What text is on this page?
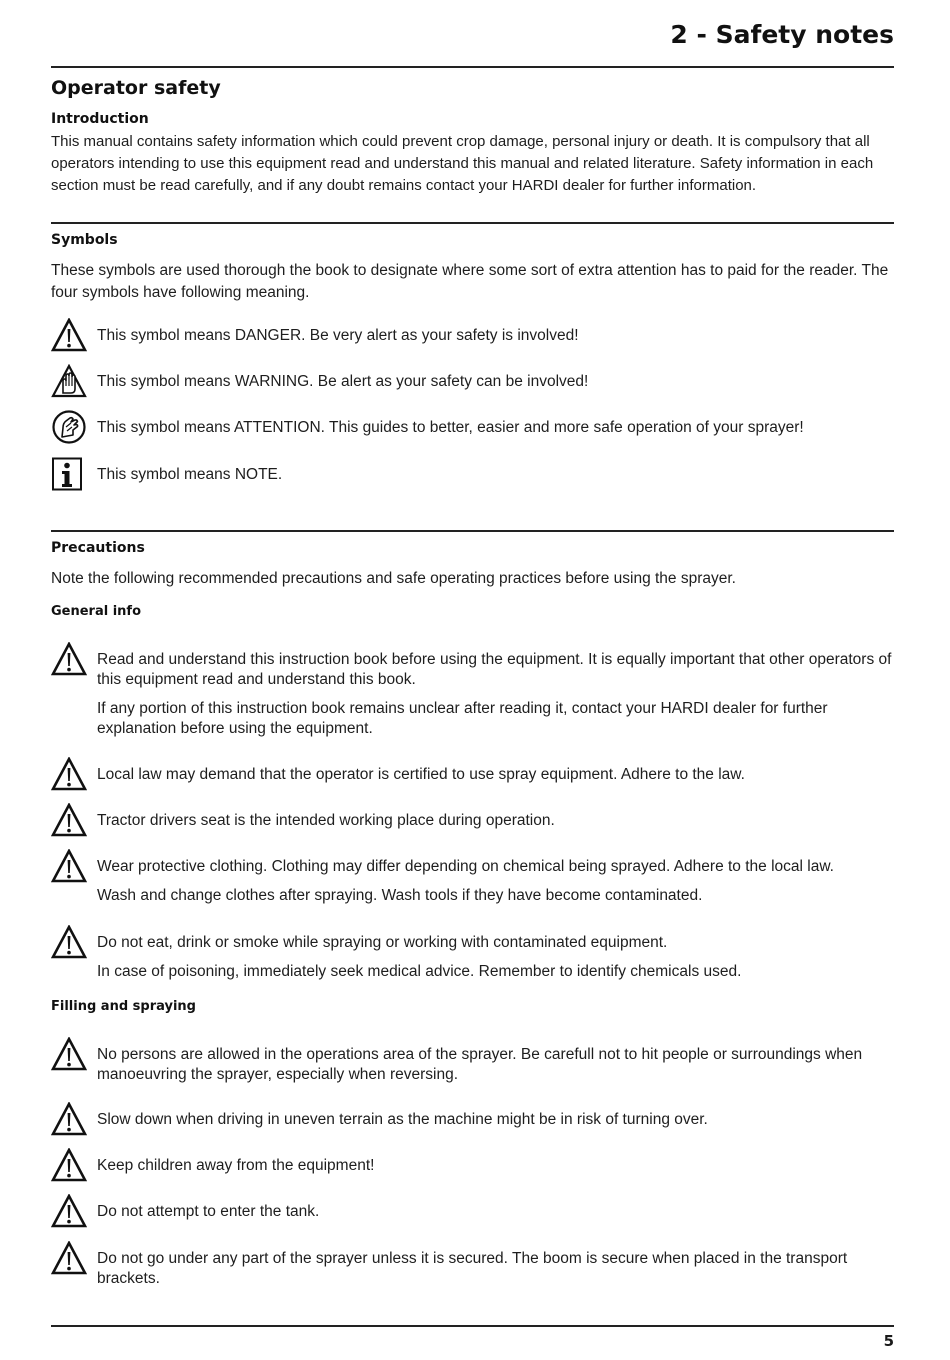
2 - Safety notes
Operator safety
Introduction

This manual contains safety information which could prevent crop damage, personal injury or death. It is compulsory that all operators intending to use this equipment read and understand this manual and related literature. Safety information in each section must be read carefully, and if any doubt remains contact your HARDI dealer for further information.

Symbols

These symbols are used thorough the book to designate where some sort of extra attention has to paid for the reader. The four symbols have following meaning.

This symbol means DANGER. Be very alert as your safety is involved!

This symbol means WARNING. Be alert as your safety can be involved!

This symbol means ATTENTION. This guides to better, easier and more safe operation of your sprayer!

This symbol means NOTE.

Precautions

Note the following recommended precautions and safe operating practices before using the sprayer.

General info

Read and understand this instruction book before using the equipment. It is equally important that other operators of this equipment read and understand this book.

If any portion of this instruction book remains unclear after reading it, contact your HARDI dealer for further explanation before using the equipment.

Local law may demand that the operator is certified to use spray equipment. Adhere to the law.

Tractor drivers seat is the intended working place during operation.

Wear protective clothing. Clothing may differ depending on chemical being sprayed. Adhere to the local law.

Wash and change clothes after spraying. Wash tools if they have become contaminated.

Do not eat, drink or smoke while spraying or working with contaminated equipment.

In case of poisoning, immediately seek medical advice. Remember to identify chemicals used.

Filling and spraying

No persons are allowed in the operations area of the sprayer. Be carefull not to hit people or surroundings when manoeuvring the sprayer, especially when reversing.

Slow down when driving in uneven terrain as the machine might be in risk of turning over.

Keep children away from the equipment!

Do not attempt to enter the tank.

Do not go under any part of the sprayer unless it is secured. The boom is secure when placed in the transport brackets.

5
